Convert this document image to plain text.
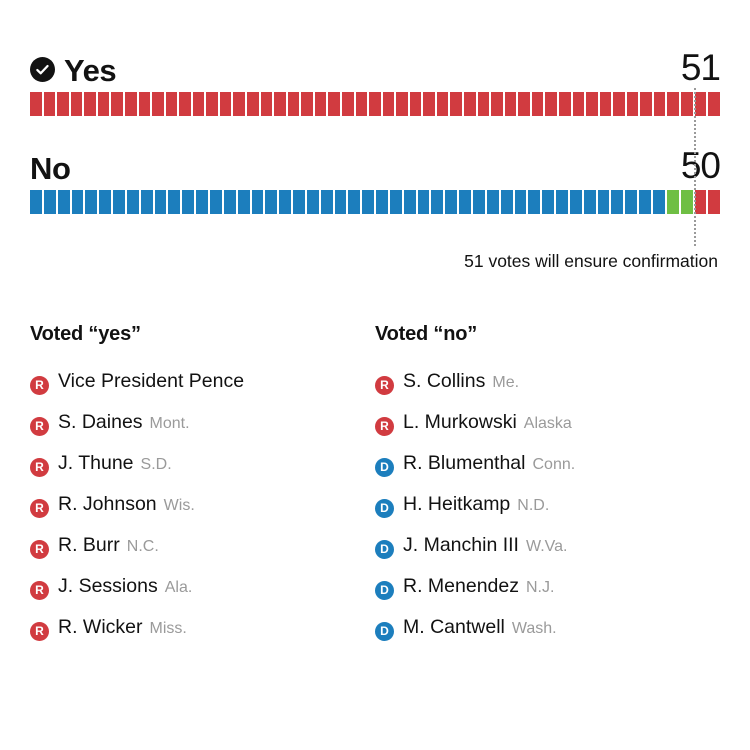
Yes	51
No	50
51 votes will ensure confirmation
Voted “yes”
R Vice President Pence
R S. Daines Mont.
R J. Thune S.D.
R R. Johnson Wis.
R R. Burr N.C.
R J. Sessions Ala.
R R. Wicker Miss.
Voted “no”
R S. Collins Me.
R L. Murkowski Alaska
D R. Blumenthal Conn.
D H. Heitkamp N.D.
D J. Manchin III W.Va.
D R. Menendez N.J.
D M. Cantwell Wash.
